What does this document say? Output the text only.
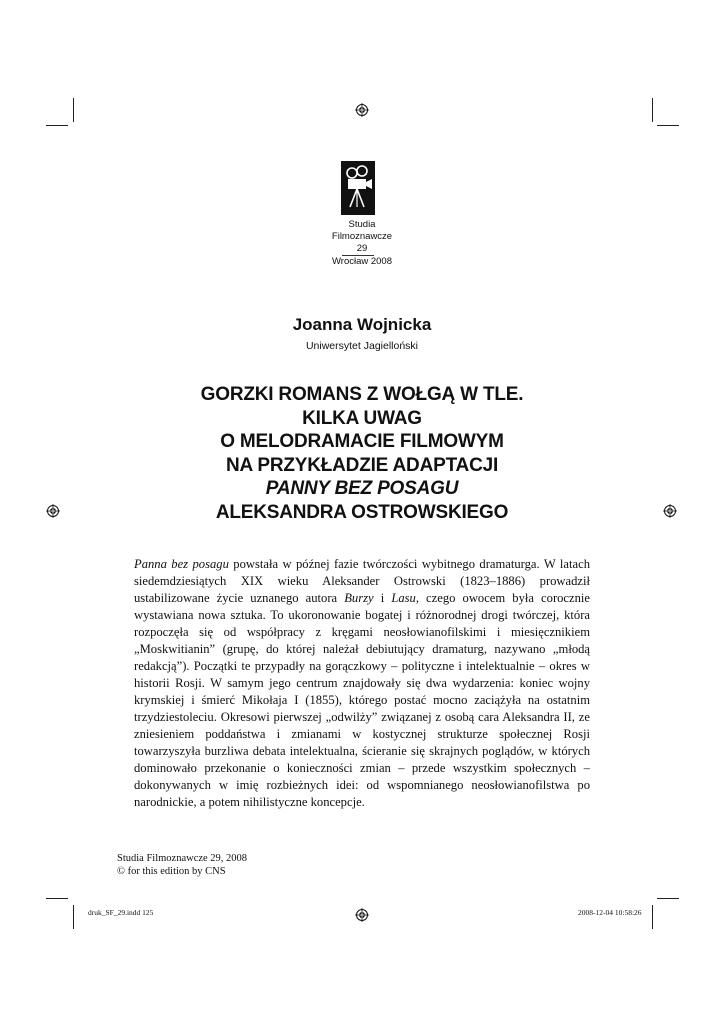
Studia
Filmoznawcze
29
Wrocław 2008
Joanna Wojnicka
Uniwersytet Jagielloński
GORZKI ROMANS Z WOŁGĄ W TLE.
KILKA UWAG
O MELODRAMACIE FILMOWYM
NA PRZYKŁADZIE ADAPTACJI
PANNY BEZ POSAGU
ALEKSANDRA OSTROWSKIEGO
Panna bez posagu powstała w późnej fazie twórczości wybitnego dramaturga. W latach siedemdziesiątych XIX wieku Aleksander Ostrowski (1823–1886) prowadził ustabilizowane życie uznanego autora Burzy i Lasu, czego owocem była corocznie wystawiana nowa sztuka. To ukoronowanie bogatej i różnorodnej drogi twórczej, która rozpoczęła się od współpracy z kręgami neosłowianofilskimi i miesięcznikiem „Moskwitianin” (grupę, do której należał debiutujący dramaturg, nazywano „młodą redakcją”). Początki te przypadły na gorączkowy – polityczne i intelektualnie – okres w historii Rosji. W samym jego centrum znajdowały się dwa wydarzenia: koniec wojny krymskiej i śmierć Mikołaja I (1855), którego postać mocno zaciążyła na ostatnim trzydziestoleciu. Okresowi pierwszej „odwilży” związanej z osobą cara Aleksandra II, ze zniesieniem poddaństwa i zmianami w kostycznej strukturze społecznej Rosji towarzyszyła burzliwa debata intelektualna, ścieranie się skrajnych poglądów, w których dominowało przekonanie o konieczności zmian – przede wszystkim społecznych – dokonywanych w imię rozbieżnych idei: od wspomnianego neosłowianofilstwa po narodnickie, a potem nihilistyczne koncepcje.
Studia Filmoznawcze 29, 2008
© for this edition by CNS
druk_SF_29.indd 125	2008-12-04 10:58:26
